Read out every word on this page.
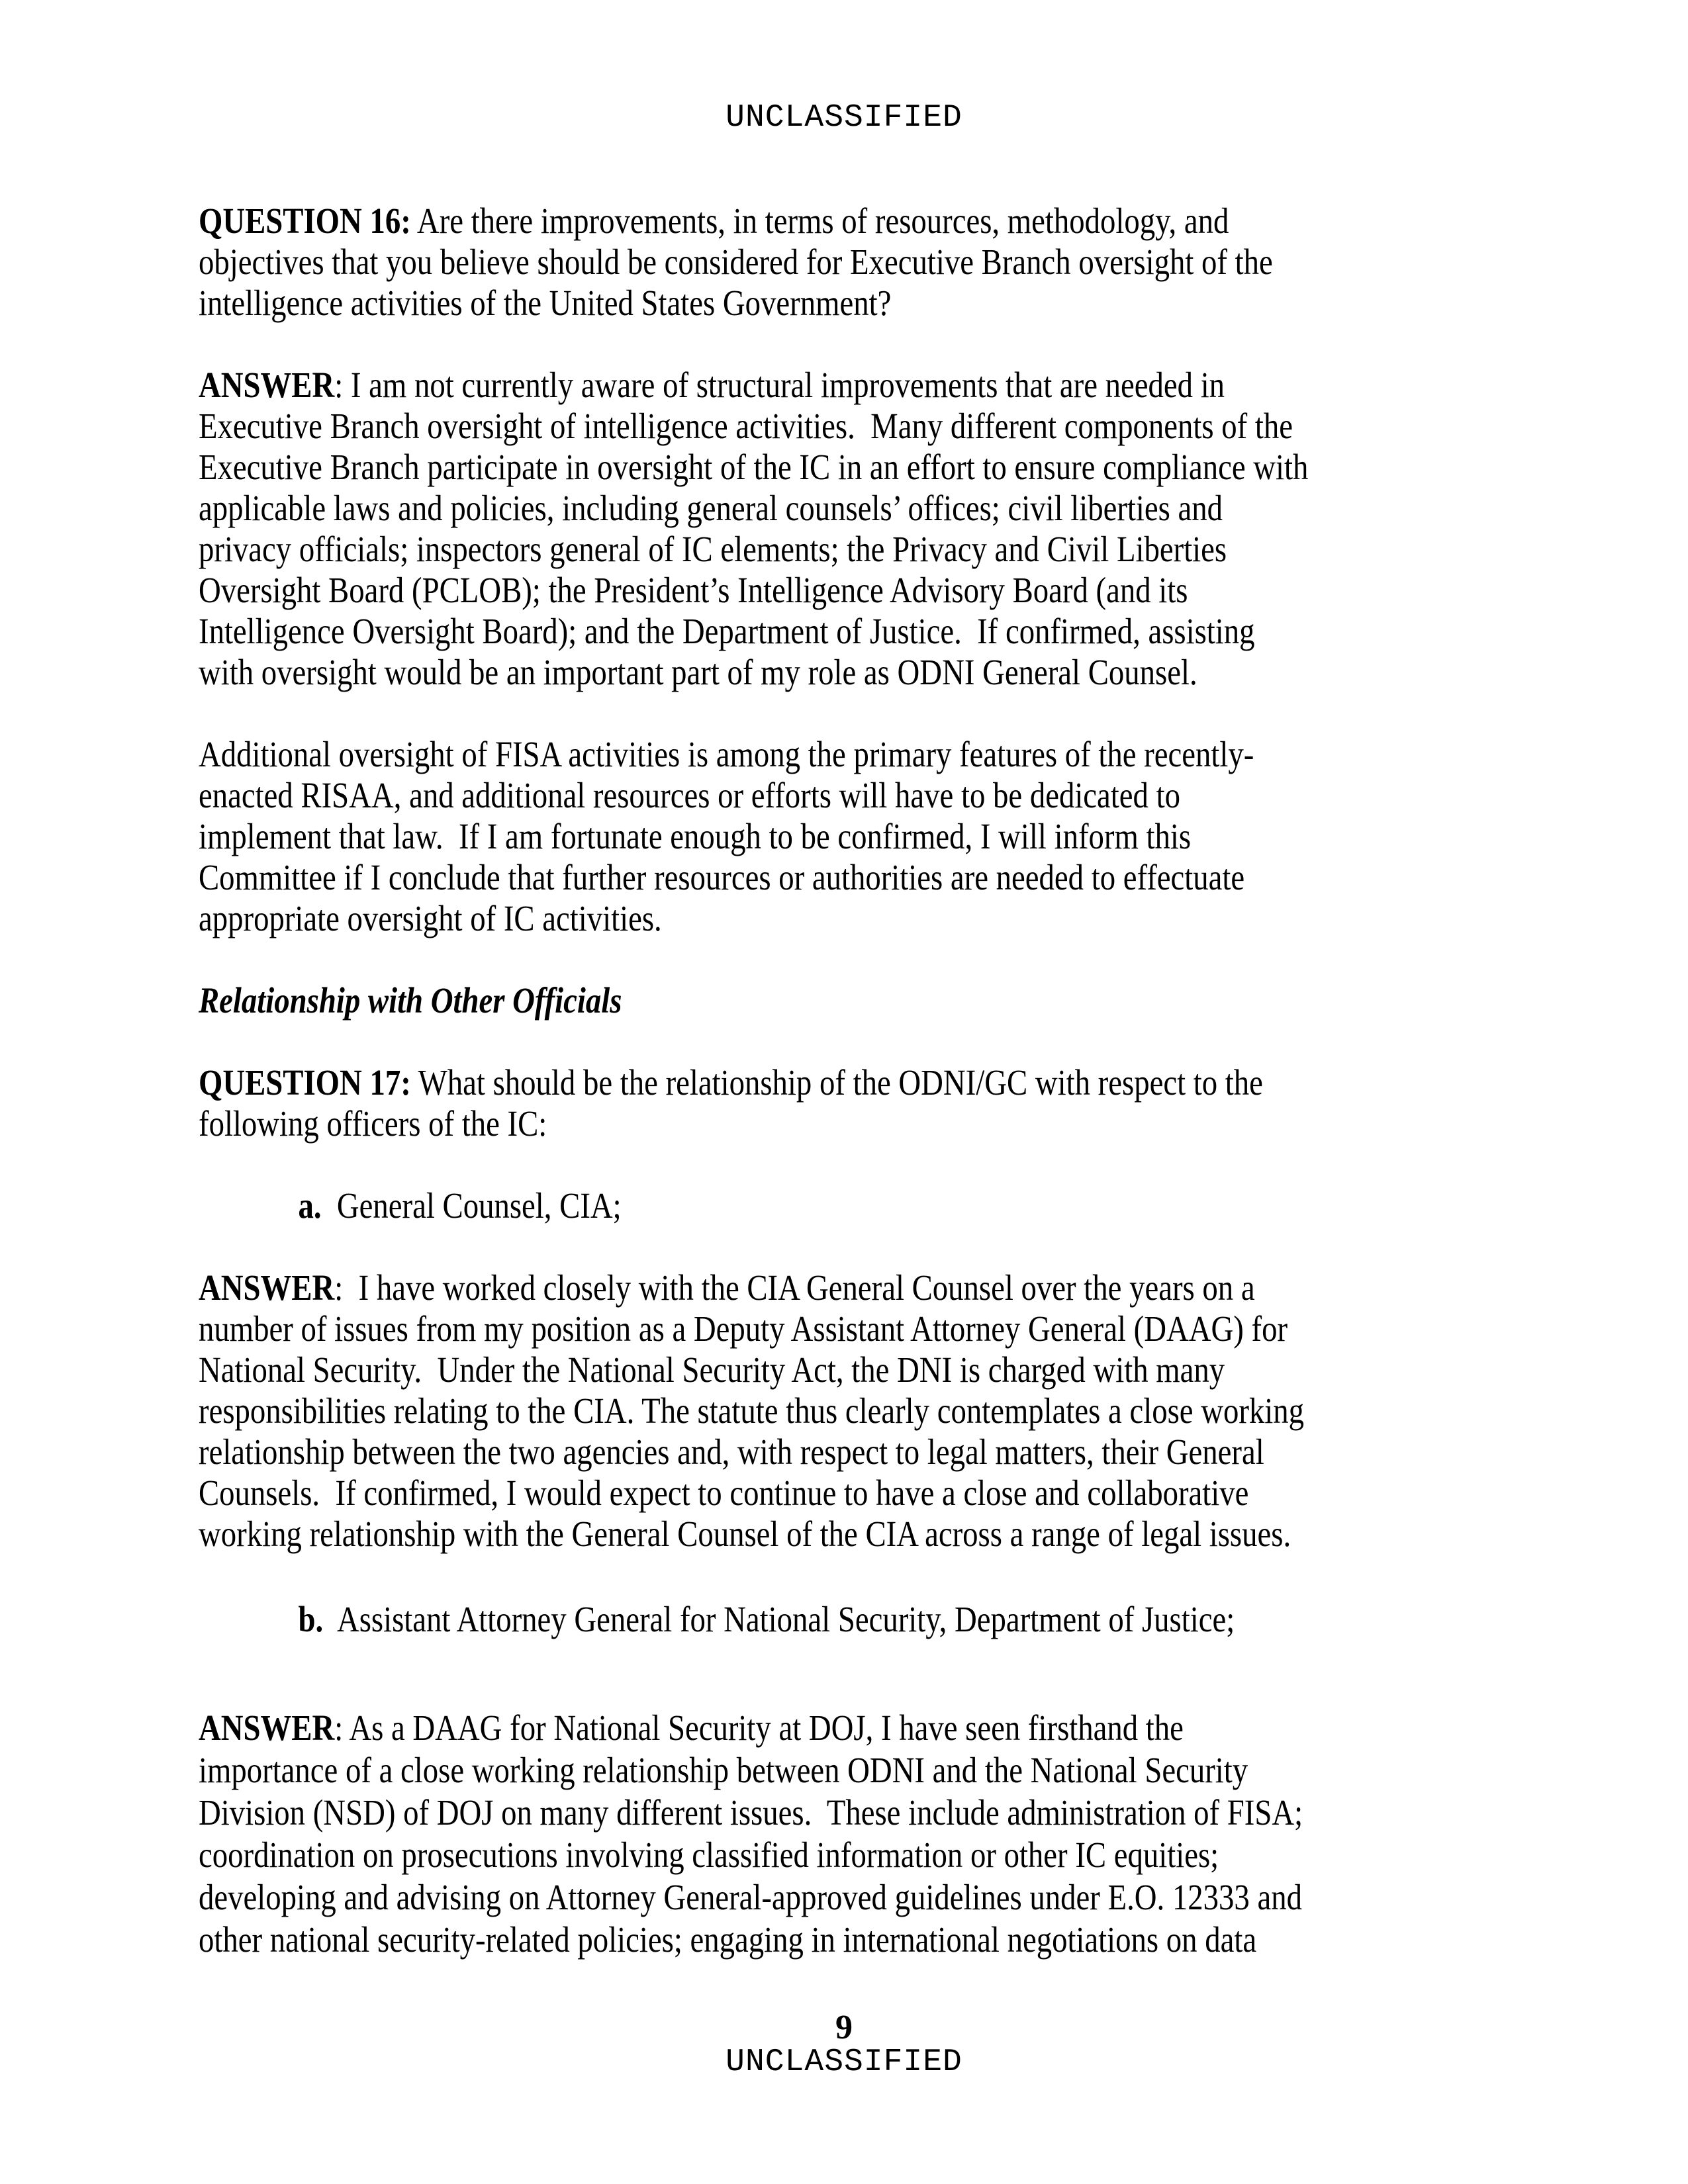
UNCLASSIFIED
QUESTION 16: Are there improvements, in terms of resources, methodology, and
objectives that you believe should be considered for Executive Branch oversight of the
intelligence activities of the United States Government?
ANSWER: I am not currently aware of structural improvements that are needed in
Executive Branch oversight of intelligence activities.  Many different components of the
Executive Branch participate in oversight of the IC in an effort to ensure compliance with
applicable laws and policies, including general counsels’ offices; civil liberties and
privacy officials; inspectors general of IC elements; the Privacy and Civil Liberties
Oversight Board (PCLOB); the President’s Intelligence Advisory Board (and its
Intelligence Oversight Board); and the Department of Justice.  If confirmed, assisting
with oversight would be an important part of my role as ODNI General Counsel.
Additional oversight of FISA activities is among the primary features of the recently-
enacted RISAA, and additional resources or efforts will have to be dedicated to
implement that law.  If I am fortunate enough to be confirmed, I will inform this
Committee if I conclude that further resources or authorities are needed to effectuate
appropriate oversight of IC activities.
Relationship with Other Officials
QUESTION 17: What should be the relationship of the ODNI/GC with respect to the
following officers of the IC:
a.  General Counsel, CIA;
ANSWER:  I have worked closely with the CIA General Counsel over the years on a
number of issues from my position as a Deputy Assistant Attorney General (DAAG) for
National Security.  Under the National Security Act, the DNI is charged with many
responsibilities relating to the CIA. The statute thus clearly contemplates a close working
relationship between the two agencies and, with respect to legal matters, their General
Counsels.  If confirmed, I would expect to continue to have a close and collaborative
working relationship with the General Counsel of the CIA across a range of legal issues.
b.  Assistant Attorney General for National Security, Department of Justice;
ANSWER: As a DAAG for National Security at DOJ, I have seen firsthand the
importance of a close working relationship between ODNI and the National Security
Division (NSD) of DOJ on many different issues.  These include administration of FISA;
coordination on prosecutions involving classified information or other IC equities;
developing and advising on Attorney General-approved guidelines under E.O. 12333 and
other national security-related policies; engaging in international negotiations on data
9
UNCLASSIFIED
